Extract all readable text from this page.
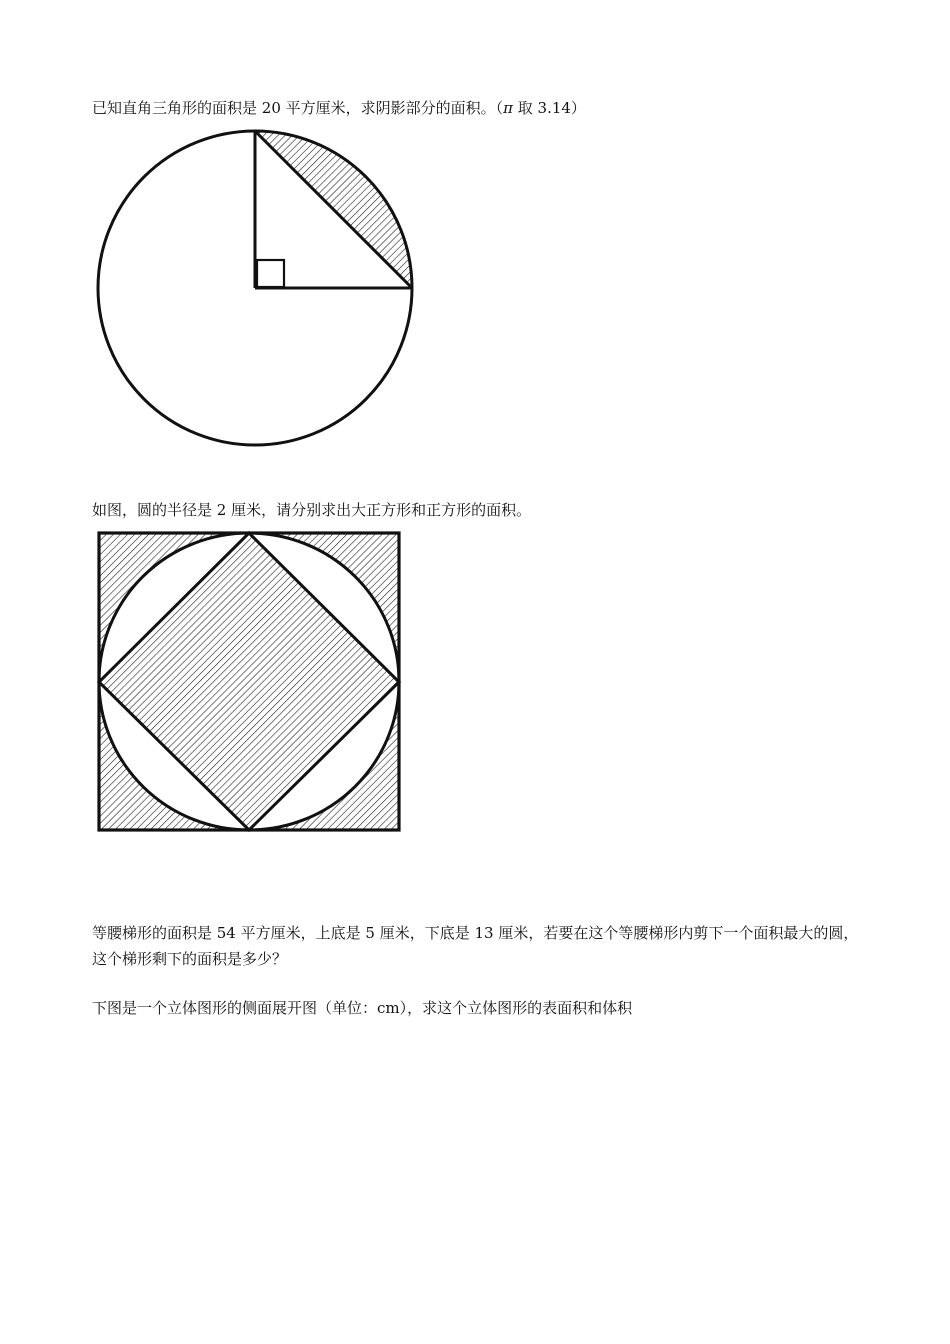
已知直角三角形的面积是 20 平方厘米，求阴影部分的面积。（π 取 3.14）
如图，圆的半径是 2 厘米，请分别求出大正方形和正方形的面积。
等腰梯形的面积是 54 平方厘米，上底是 5 厘米，下底是 13 厘米，若要在这个等腰梯形内剪下一个面积最大的圆，这个梯形剩下的面积是多少？
下图是一个立体图形的侧面展开图（单位：cm），求这个立体图形的表面积和体积
